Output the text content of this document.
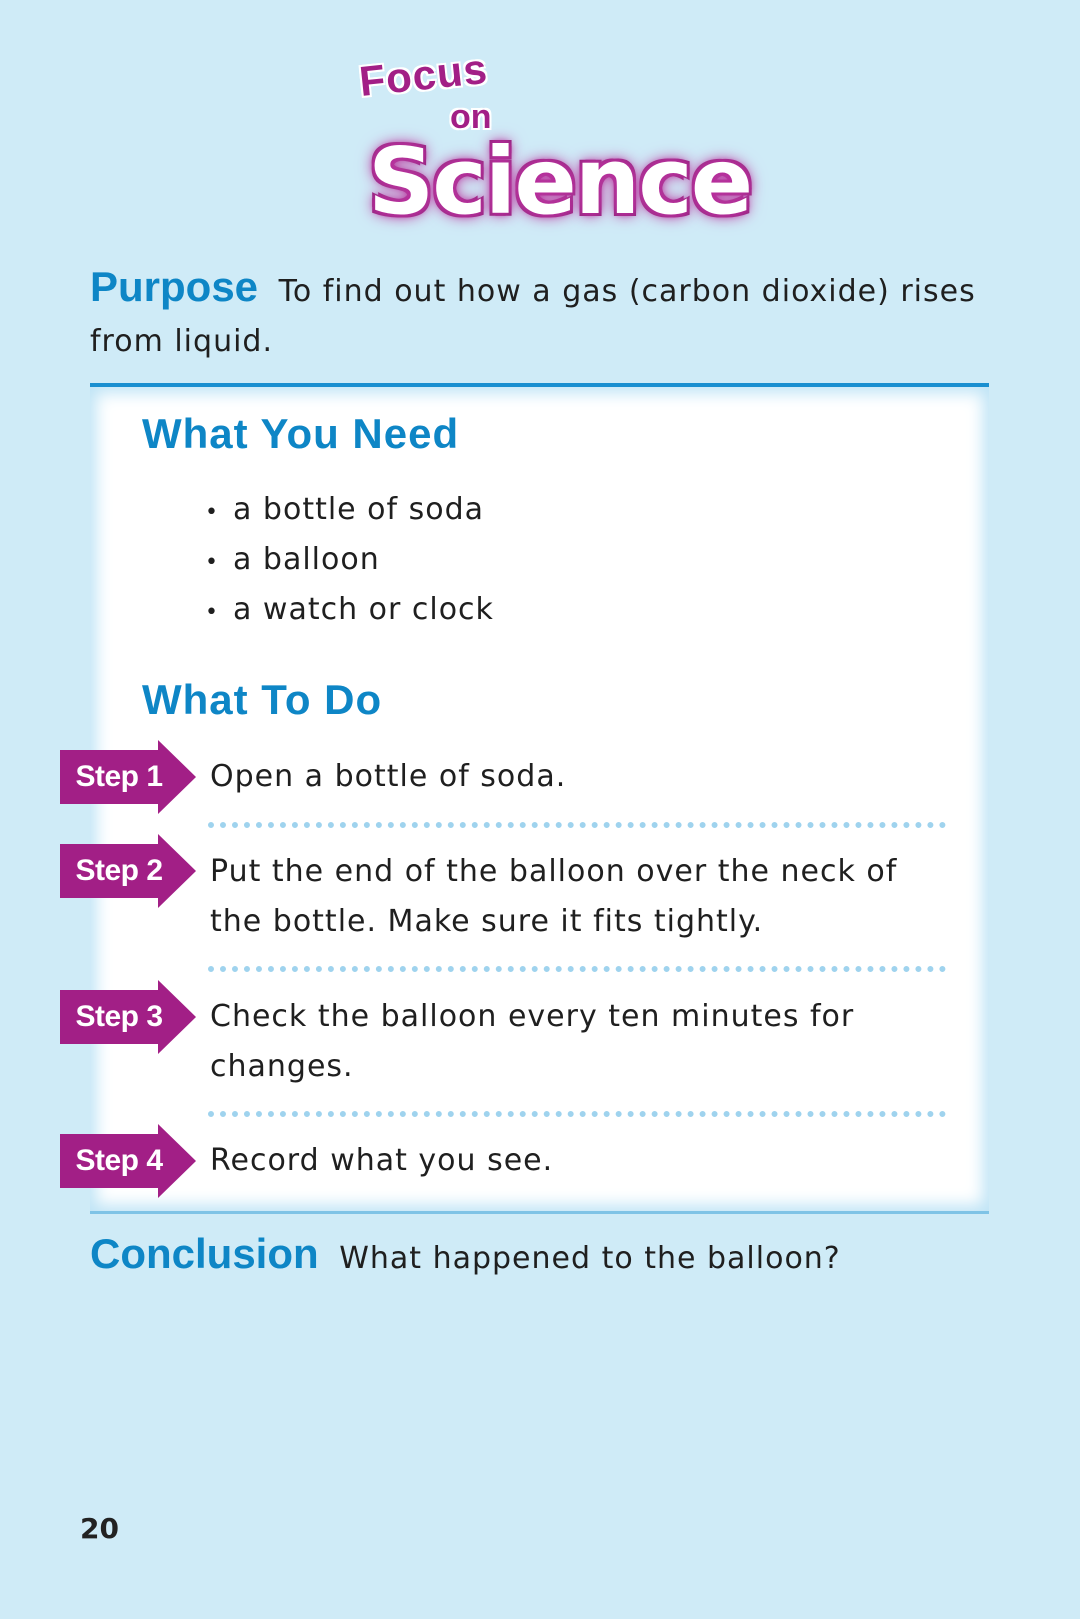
Focus
on
Science
Purpose To find out how a gas (carbon dioxide) rises from liquid.
What You Need
• a bottle of soda
• a balloon
• a watch or clock
What To Do
Step 1	Open a bottle of soda.
Step 2	Put the end of the balloon over the neck of the bottle. Make sure it fits tightly.
Step 3	Check the balloon every ten minutes for changes.
Step 4	Record what you see.
Conclusion What happened to the balloon?
20
